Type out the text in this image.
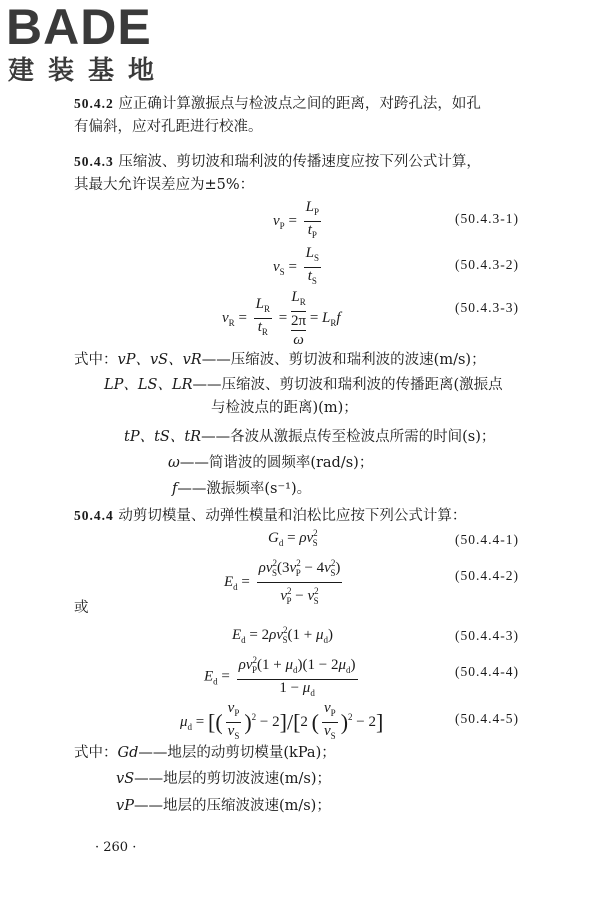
BADE
建装基地
50.4.2 应正确计算激振点与检波点之间的距离，对跨孔法，如孔
有偏斜，应对孔距进行校准。
50.4.3 压缩波、剪切波和瑞利波的传播速度应按下列公式计算，
其最大允许误差应为±5%：
$v_P = \frac{L_P}{t_P}$	(50.4.3-1)
$v_S = \frac{L_S}{t_S}$	(50.4.3-2)
$v_R = \frac{L_R}{t_R}$ =
$L_R$
2π
ω
= $L_Rf$
(50.4.3-3)
式中：vP、vS、vR——压缩波、剪切波和瑞利波的波速(m/s)；
LP、LS、LR——压缩波、剪切波和瑞利波的传播距离(激振点
与检波点的距离)(m)；
tP、tS、tR——各波从激振点传至检波点所需的时间(s)；
ω——简谐波的圆频率(rad/s)；
f——激振频率(s⁻¹)。
50.4.4 动剪切模量、动弹性模量和泊松比应按下列公式计算：
$G_d = \rho v^2_S$	(50.4.4-1)
$E_d = \frac{\rho v^2_S(3v^2_P - 4v^2_S)}{v^2_P - v^2_S}$	(50.4.4-2)
或
$E_d = 2\rho v^2_S(1 + \mu_d)$	(50.4.4-3)
$E_d = \frac{\rho v^2_P(1 + \mu_d)(1 - 2\mu_d)}{1 - \mu_d}$	(50.4.4-4)
$\mu_d$ = [( $\frac{v_P}{v_S} )^2 - 2]/[2$ ( $\frac{v_P}{v_S} )^2 - 2$]	(50.4.4-5)
式中：Gd——地层的动剪切模量(kPa)；
vS——地层的剪切波波速(m/s)；
vP——地层的压缩波波速(m/s)；
· 260 ·
